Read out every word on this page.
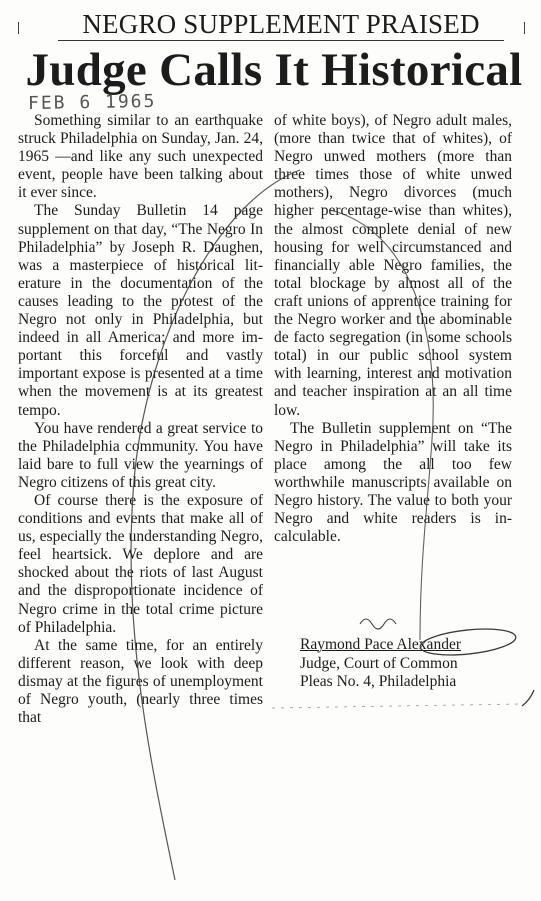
NEGRO SUPPLEMENT PRAISED
Judge Calls It Historical
FEB 6 1965

Something similar to an earthquake struck Philadelphia on Sunday, Jan. 24, 1965 —and like any such unexpected event, people have been talking about it ever since.

The Sunday Bulletin 14 page supplement on that day, “The Negro In Philadelphia” by Joseph R. Daughen, was a masterpiece of historical literature in the documentation of the causes leading to the protest of the Negro not only in Philadelphia, but indeed in all America; and more important this forceful and vastly important expose is presented at a time when the movement is at its greatest tempo.

You have rendered a great service to the Philadelphia community. You have laid bare to full view the yearnings of Negro citizens of this great city.

Of course there is the exposure of conditions and events that make all of us, especially the understanding Negro, feel heartsick. We deplore and are shocked about the riots of last August and the disproportionate incidence of Negro crime in the total crime picture of Philadelphia.

At the same time, for an entirely different reason, we look with deep dismay at the figures of unemployment of Negro youth, (nearly three times that

of white boys), of Negro adult males, (more than twice that of whites), of Negro unwed mothers (more than three times those of white unwed mothers), Negro divorces (much higher percentage-wise than whites), the almost complete denial of new housing for well circumstanced and financially able Negro families, the total blockage by almost all of the craft unions of apprentice training for the Negro worker and the abominable de facto segregation (in some schools total) in our public school system with learning, interest and motivation and teacher inspiration at an all time low.

The Bulletin supplement on “The Negro in Philadelphia” will take its place among the all too few worthwhile manuscripts available on Negro history. The value to both your Negro and white readers is incalculable.

Raymond Pace Alexander
Judge, Court of Common
Pleas No. 4, Philadelphia
